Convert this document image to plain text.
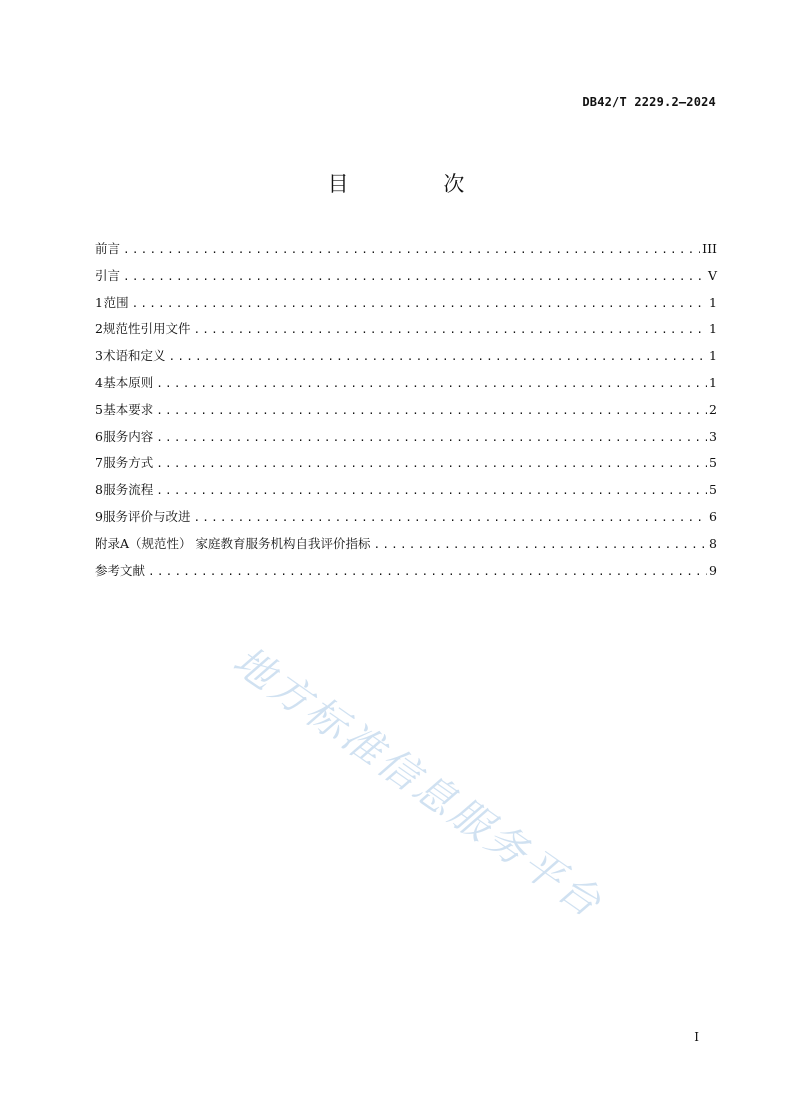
DB42/T 2229.2—2024
目 次
前言 .....	III
引言 .....	V
1 范围 .....	1
2 规范性引用文件 .....	1
3 术语和定义 .....	1
4 基本原则 .....	1
5 基本要求 .....	2
6 服务内容 .....	3
7 服务方式 .....	5
8 服务流程 .....	5
9 服务评价与改进 .....	6
附录A（规范性） 家庭教育服务机构自我评价指标 .....	8
参考文献 .....	9
地方标准信息服务平台
I
